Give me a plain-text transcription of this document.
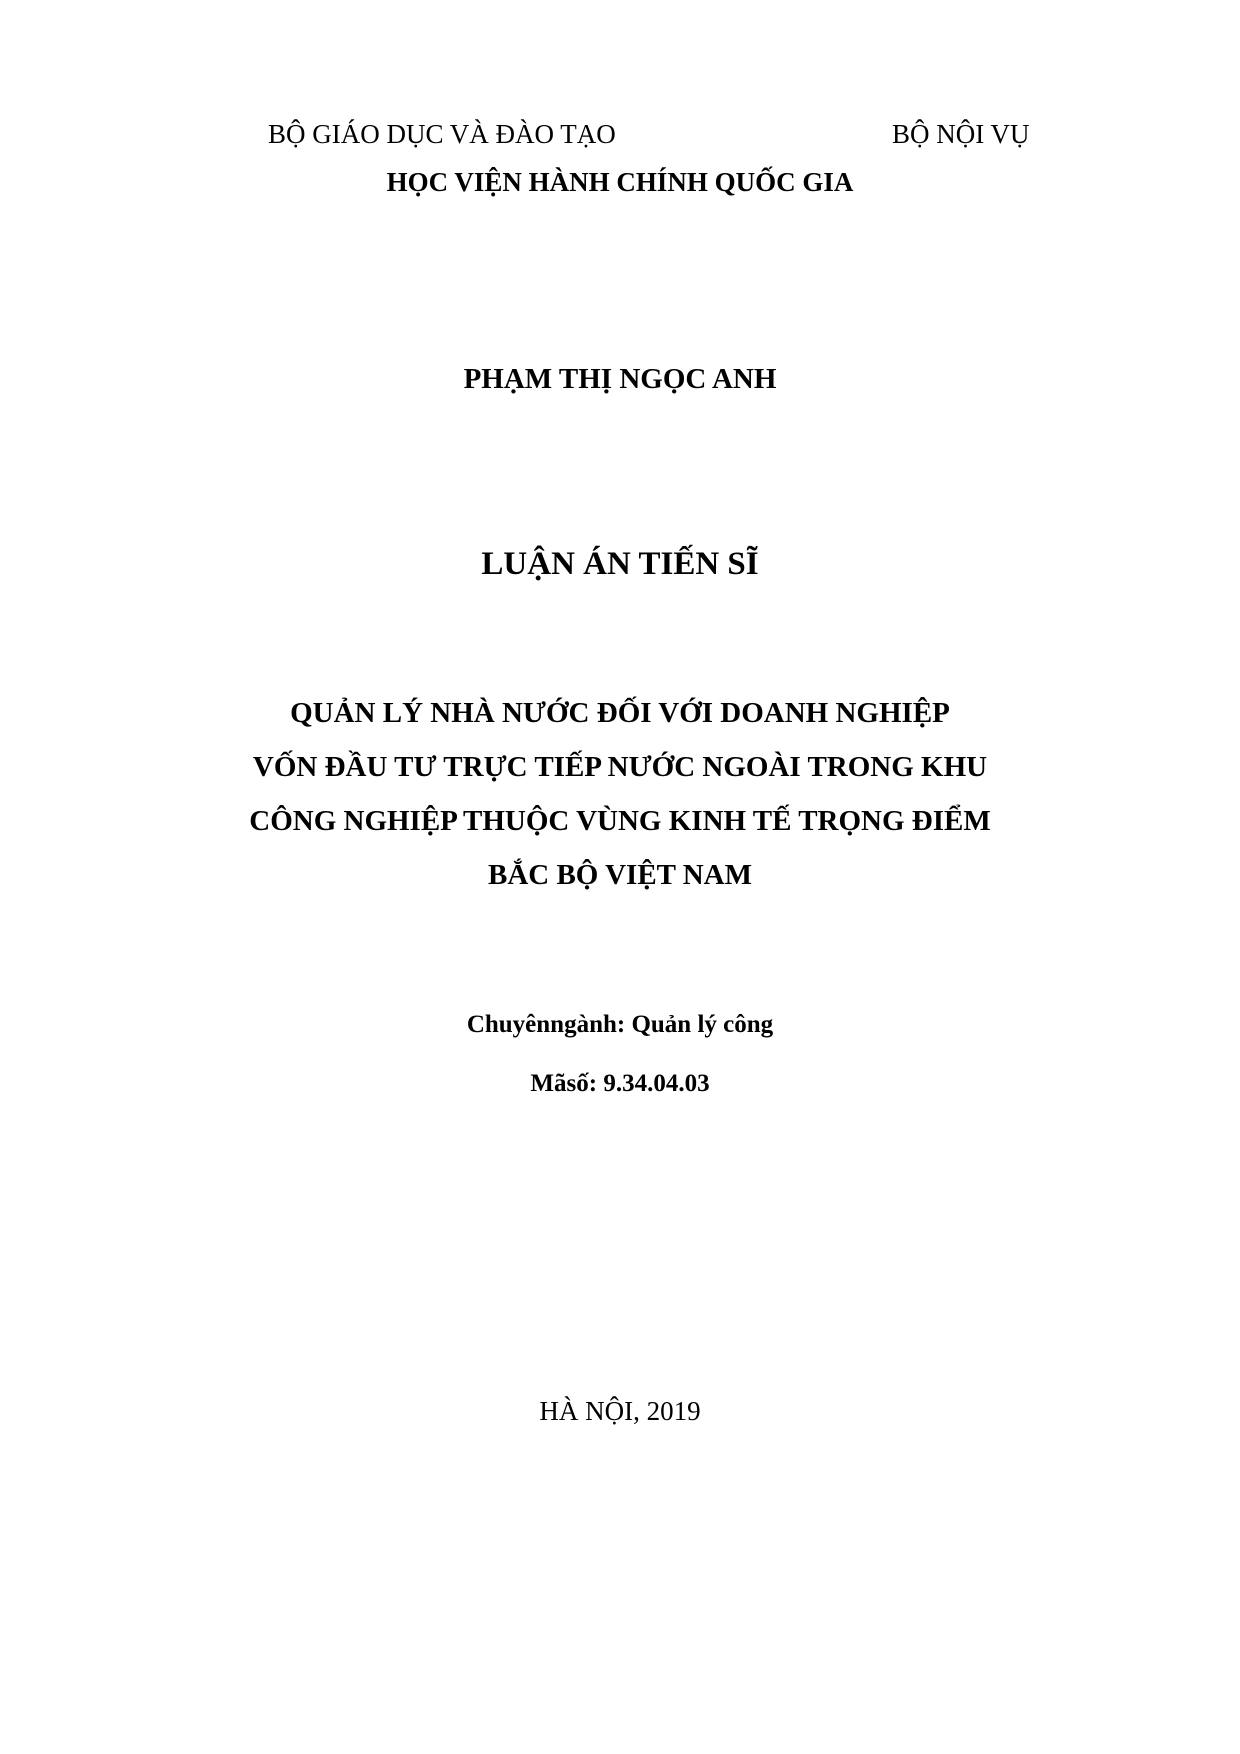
BỘ GIÁO DỤC VÀ ĐÀO TẠO	BỘ NỘI VỤ
HỌC VIỆN HÀNH CHÍNH QUỐC GIA
PHẠM THỊ NGỌC ANH
LUẬN ÁN TIẾN SĨ
QUẢN LÝ NHÀ NƯỚC ĐỐI VỚI DOANH NGHIỆP
VỐN ĐẦU TƯ TRỰC TIẾP NƯỚC NGOÀI TRONG KHU
CÔNG NGHIỆP THUỘC VÙNG KINH TẾ TRỌNG ĐIỂM
BẮC BỘ VIỆT NAM
Chuyênngành: Quản lý công
Mãsố: 9.34.04.03
HÀ NỘI, 2019
